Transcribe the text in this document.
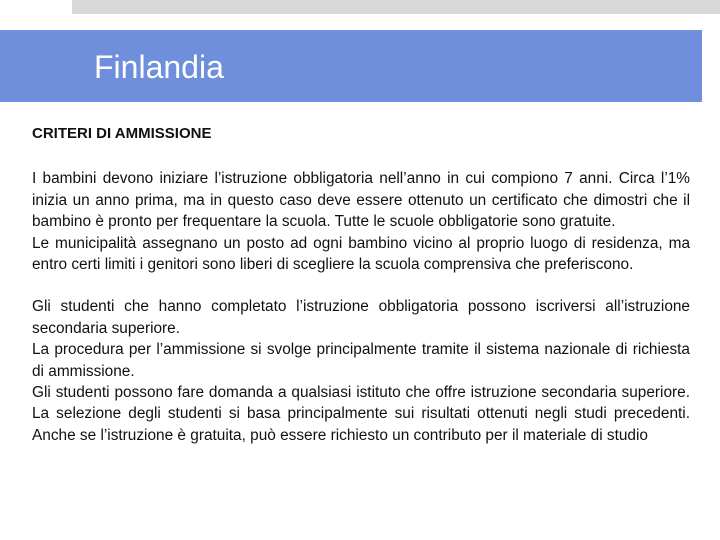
Finlandia
CRITERI DI AMMISSIONE

I bambini devono iniziare l’istruzione obbligatoria nell’anno in cui compiono 7 anni. Circa l’1% inizia un anno prima, ma in questo caso deve essere ottenuto un certificato che dimostri che il bambino è pronto per frequentare la scuola. Tutte le scuole obbligatorie sono gratuite.

Le municipalità assegnano un posto ad ogni bambino vicino al proprio luogo di residenza, ma entro certi limiti i genitori sono liberi di scegliere la scuola comprensiva che preferiscono.

Gli studenti che hanno completato l’istruzione obbligatoria possono iscriversi all’istruzione secondaria superiore.

La procedura per l’ammissione si svolge principalmente tramite il sistema nazionale di richiesta di ammissione.

Gli studenti possono fare domanda a qualsiasi istituto che offre istruzione secondaria superiore. La selezione degli studenti si basa principalmente sui risultati ottenuti negli studi precedenti. Anche se l’istruzione è gratuita, può essere richiesto un contributo per il materiale di studio
